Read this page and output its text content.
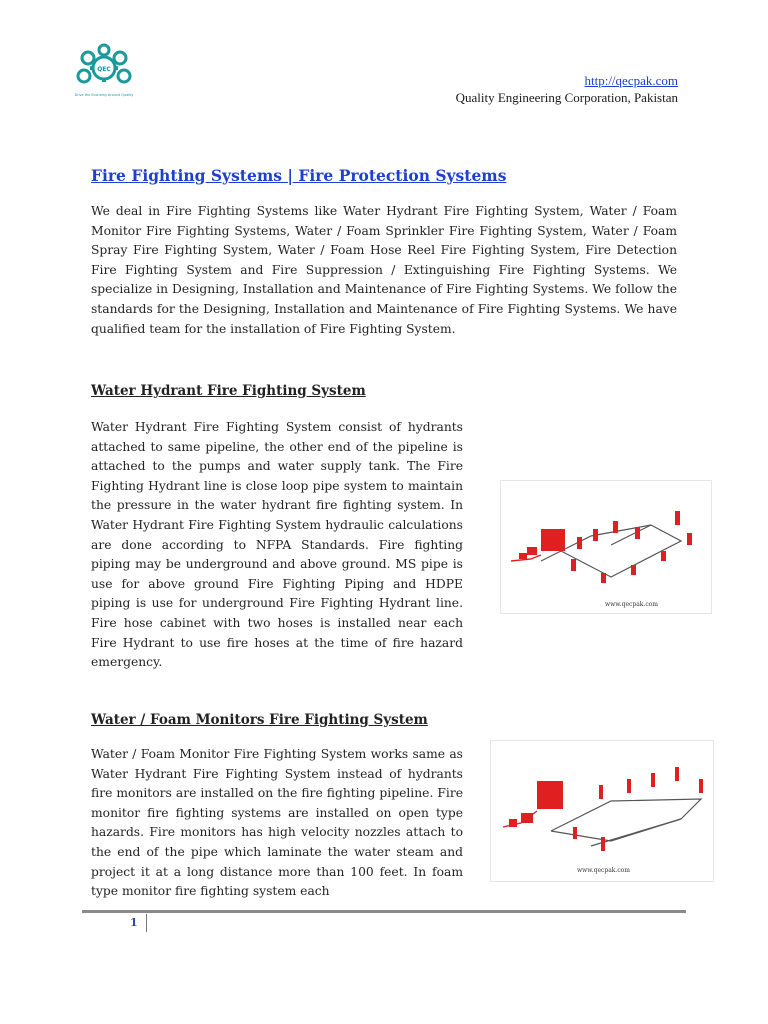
QEC
Drive the Economy Around Quality
http://qecpak.com
Quality Engineering Corporation, Pakistan
Fire Fighting Systems | Fire Protection Systems
We deal in Fire Fighting Systems like Water Hydrant Fire Fighting System, Water / Foam Monitor Fire Fighting Systems, Water / Foam Sprinkler Fire Fighting System, Water / Foam Spray Fire Fighting System, Water / Foam Hose Reel Fire Fighting System, Fire Detection Fire Fighting System and Fire Suppression / Extinguishing Fire Fighting Systems. We specialize in Designing, Installation and Maintenance of Fire Fighting Systems. We follow the standards for the Designing, Installation and Maintenance of Fire Fighting Systems. We have qualified team for the installation of Fire Fighting System.
Water Hydrant Fire Fighting System
Water Hydrant Fire Fighting System consist of hydrants attached to same pipeline, the other end of the pipeline is attached to the pumps and water supply tank. The Fire Fighting Hydrant line is close loop pipe system to maintain the pressure in the water hydrant fire fighting system. In Water Hydrant Fire Fighting System hydraulic calculations are done according to NFPA Standards. Fire fighting piping may be underground and above ground. MS pipe is use for above ground Fire Fighting Piping and HDPE piping is use for underground Fire Fighting Hydrant line. Fire hose cabinet with two hoses is installed near each Fire Hydrant to use fire hoses at the time of fire hazard emergency.
www.qecpak.com
Water / Foam Monitors Fire Fighting System
Water / Foam Monitor Fire Fighting System works same as Water Hydrant Fire Fighting System instead of hydrants fire monitors are installed on the fire fighting pipeline. Fire monitor fire fighting systems are installed on open type hazards. Fire monitors has high velocity nozzles attach to the end of the pipe which laminate the water steam and project it at a long distance more than 100 feet. In foam type monitor fire fighting system each
www.qecpak.com
1
